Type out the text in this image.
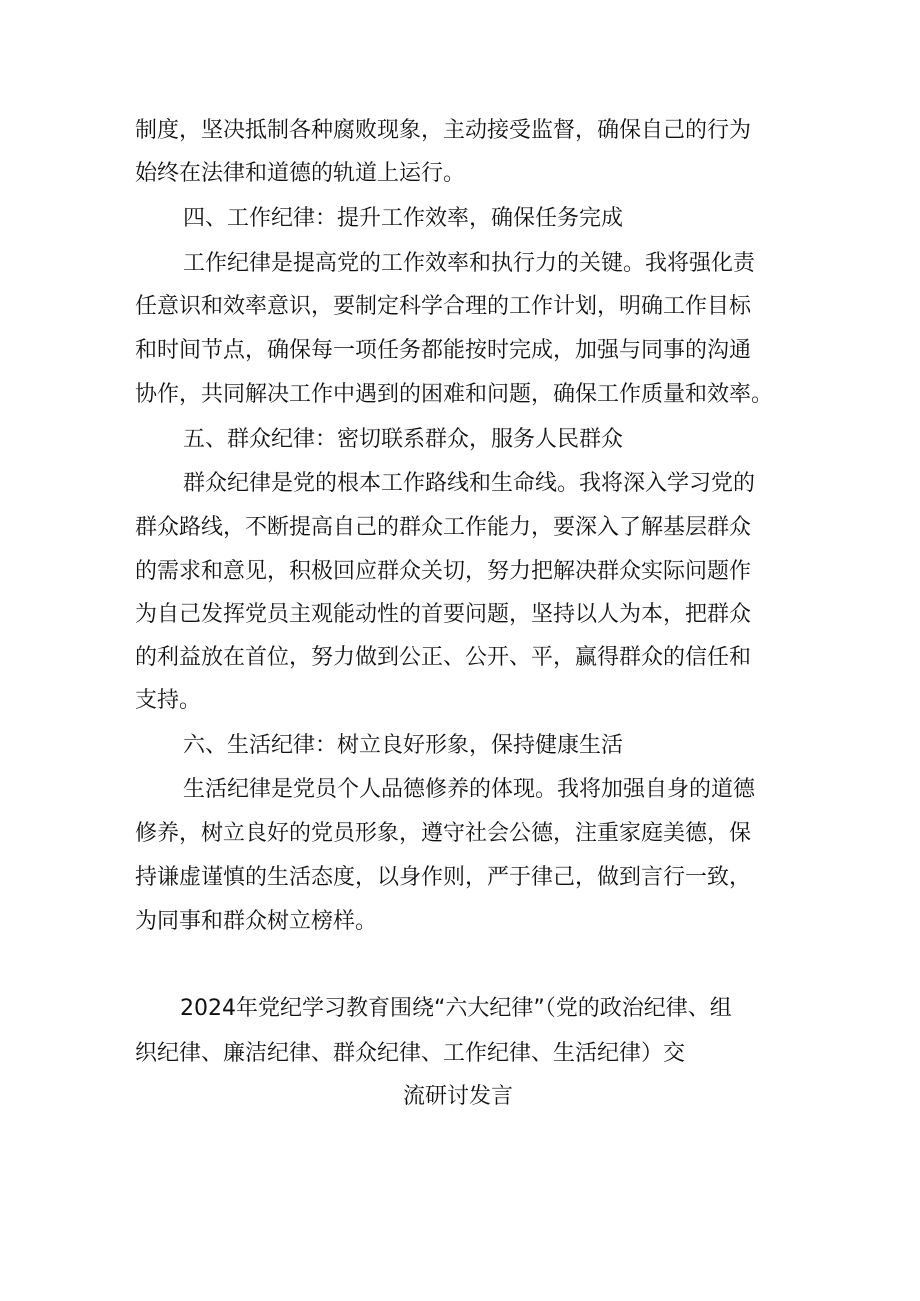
制度，坚决抵制各种腐败现象，主动接受监督，确保自己的行为
始终在法律和道德的轨道上运行。
四、工作纪律：提升工作效率，确保任务完成
工作纪律是提高党的工作效率和执行力的关键。我将强化责
任意识和效率意识，要制定科学合理的工作计划，明确工作目标
和时间节点，确保每一项任务都能按时完成，加强与同事的沟通
协作，共同解决工作中遇到的困难和问题，确保工作质量和效率。
五、群众纪律：密切联系群众，服务人民群众
群众纪律是党的根本工作路线和生命线。我将深入学习党的
群众路线，不断提高自己的群众工作能力，要深入了解基层群众
的需求和意见，积极回应群众关切，努力把解决群众实际问题作
为自己发挥党员主观能动性的首要问题，坚持以人为本，把群众
的利益放在首位，努力做到公正、公开、平，赢得群众的信任和
支持。
六、生活纪律：树立良好形象，保持健康生活
生活纪律是党员个人品德修养的体现。我将加强自身的道德
修养，树立良好的党员形象，遵守社会公德，注重家庭美德，保
持谦虚谨慎的生活态度，以身作则，严于律己，做到言行一致，
为同事和群众树立榜样。
2024年党纪学习教育围绕“六大纪律”（党的政治纪律、组
织纪律、廉洁纪律、群众纪律、工作纪律、生活纪律）交
流研讨发言
